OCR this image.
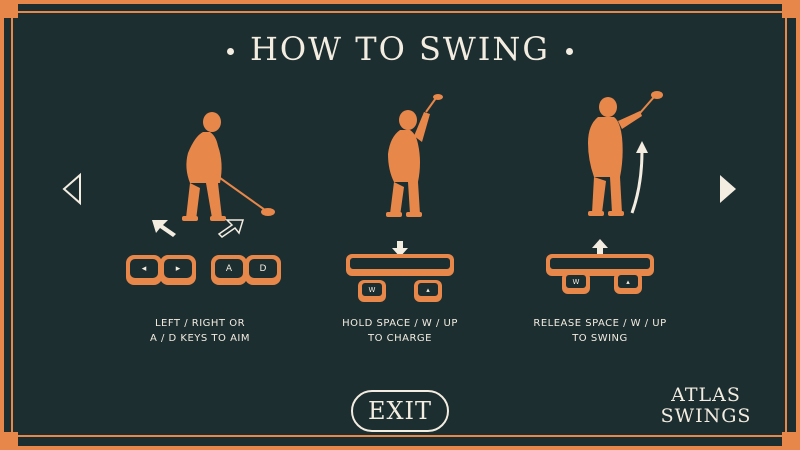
HOW TO SWING
◂	▸	A	D
LEFT / RIGHT OR
A / D KEYS TO AIM
W	▴
HOLD SPACE / W / UP
TO CHARGE
W	▴
RELEASE SPACE / W / UP
TO SWING
EXIT
ATLAS
SWINGS
